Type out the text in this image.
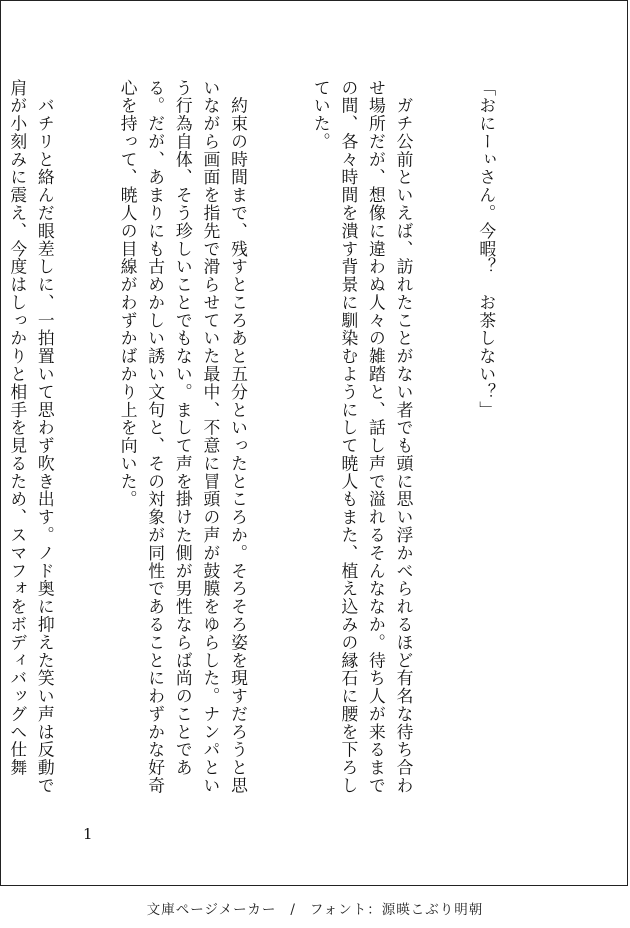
「おにーぃさん。今暇？　お茶しない？」

　ガチ公前といえば、訪れたことがない者でも頭に思い浮かべられるほど有名な待ち合わせ場所だが、想像に違わぬ人々の雑踏と、話し声で溢れるそんななか。待ち人が来るまでの間、各々時間を潰す背景に馴染むようにして暁人もまた、植え込みの縁石に腰を下ろしていた。

　約束の時間まで、残すところあと五分といったところか。そろそろ姿を現すだろうと思いながら画面を指先で滑らせていた最中、不意に冒頭の声が鼓膜をゆらした。ナンパという行為自体、そう珍しいことでもない。まして声を掛けた側が男性ならば尚のことである。だが、あまりにも古めかしい誘い文句と、その対象が同性であることにわずかな好奇心を持って、暁人の目線がわずかばかり上を向いた。

　バチリと絡んだ眼差しに、一拍置いて思わず吹き出す。ノド奥に抑えた笑い声は反動で肩が小刻みに震え、今度はしっかりと相手を見るため、スマフォをボディバッグへ仕舞

1
文庫ページメーカー / フォント：源暎こぶり明朝
